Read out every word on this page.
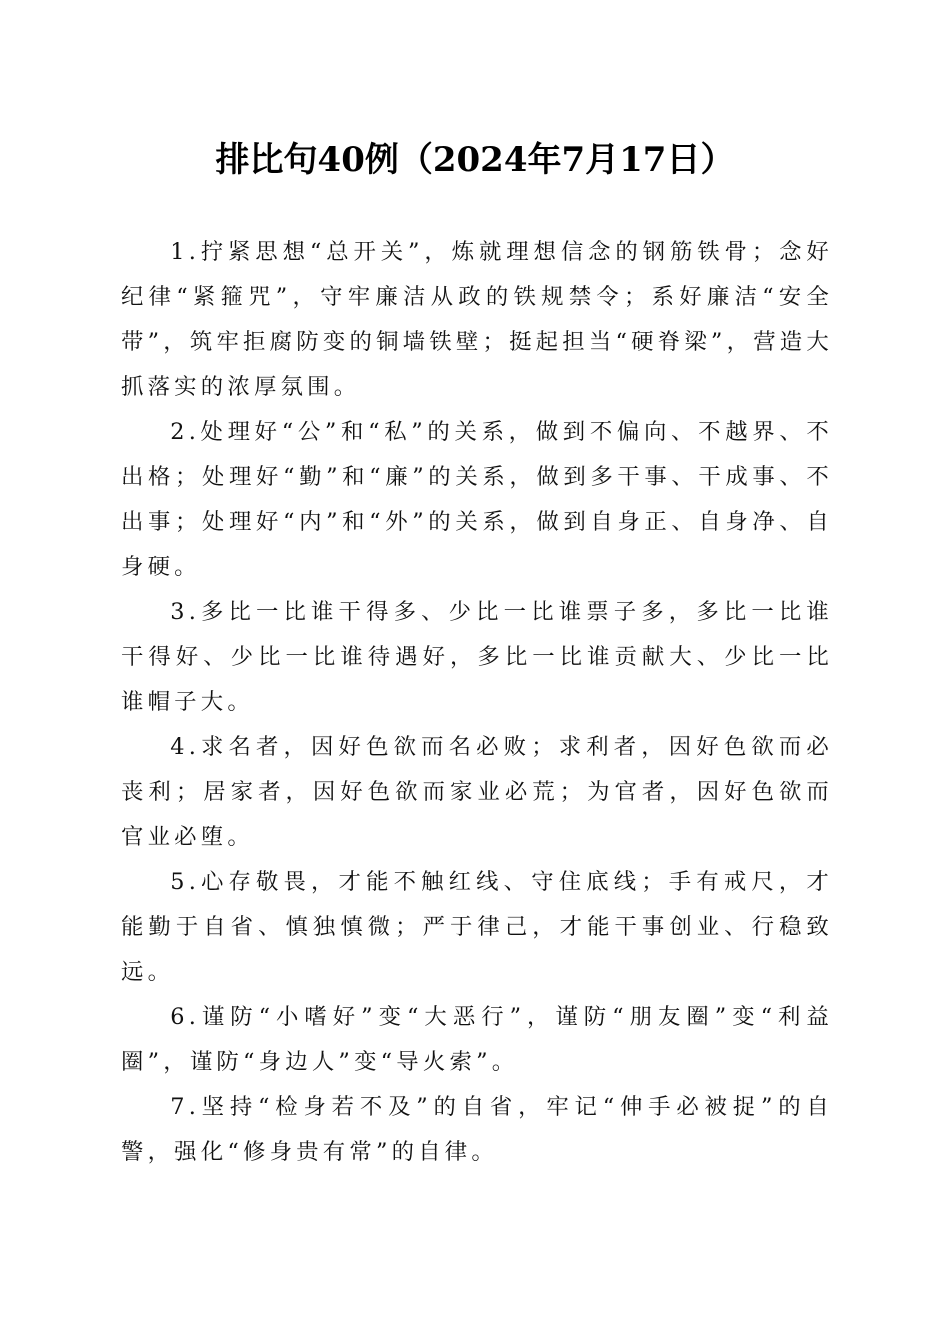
排比句40例（2024年7月17日）

1.拧紧思想“总开关”，炼就理想信念的钢筋铁骨；念好纪律“紧箍咒”，守牢廉洁从政的铁规禁令；系好廉洁“安全带”，筑牢拒腐防变的铜墙铁壁；挺起担当“硬脊梁”，营造大抓落实的浓厚氛围。

2.处理好“公”和“私”的关系，做到不偏向、不越界、不出格；处理好“勤”和“廉”的关系，做到多干事、干成事、不出事；处理好“内”和“外”的关系，做到自身正、自身净、自身硬。

3.多比一比谁干得多、少比一比谁票子多，多比一比谁干得好、少比一比谁待遇好，多比一比谁贡献大、少比一比谁帽子大。

4.求名者，因好色欲而名必败；求利者，因好色欲而必丧利；居家者，因好色欲而家业必荒；为官者，因好色欲而官业必堕。

5.心存敬畏，才能不触红线、守住底线；手有戒尺，才能勤于自省、慎独慎微；严于律己，才能干事创业、行稳致远。

6.谨防“小嗜好”变“大恶行”，谨防“朋友圈”变“利益圈”，谨防“身边人”变“导火索”。

7.坚持“检身若不及”的自省，牢记“伸手必被捉”的自警，强化“修身贵有常”的自律。
